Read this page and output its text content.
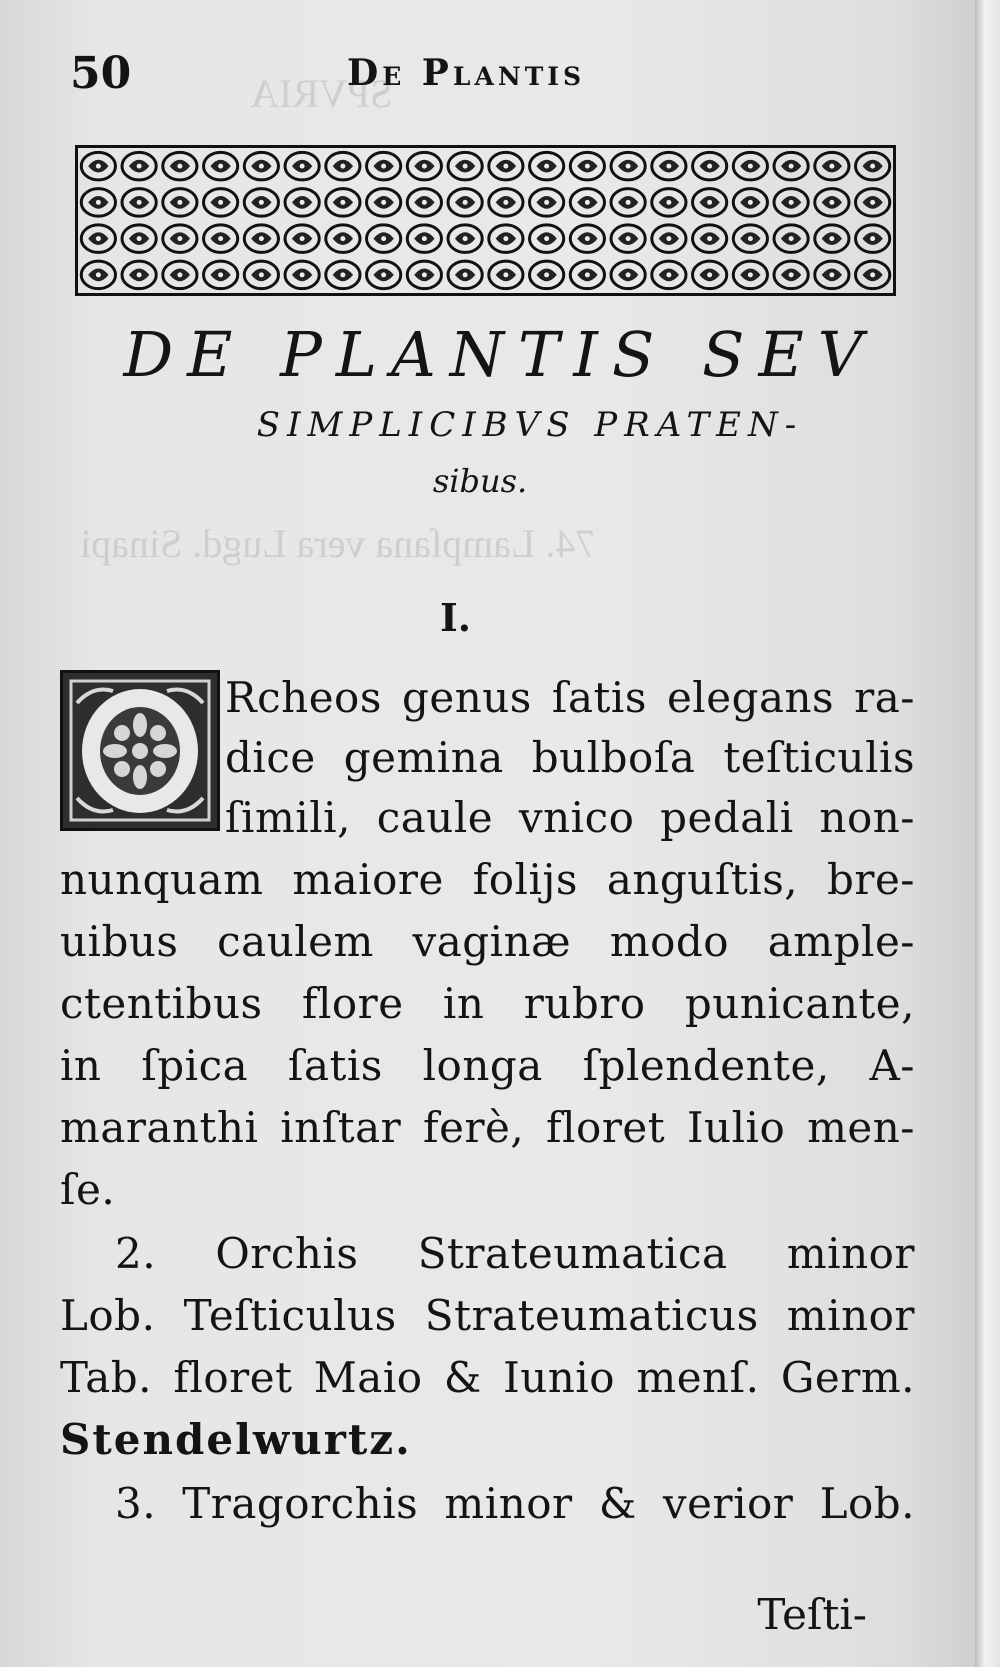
SPVRIA
74. Lampſana vera Lugd. Sinapi
50	De Plantis
DE PLANTIS SEV
SIMPLICIBVS PRATEN-
sibus.
I.
O	Rcheos genus ſatis elegans ra-
dice gemina bulboſa teſticulis
ſimili, caule vnico pedali non-
nunquam maiore folijs anguſtis, bre-
uibus caulem vaginæ modo ample-
ctentibus flore in rubro punicante,
in ſpica ſatis longa ſplendente, A-
maranthi inſtar ferè, floret Iulio men-
ſe.
2. Orchis Strateumatica minor
Lob. Teſticulus Strateumaticus minor
Tab. floret Maio & Iunio menſ. Germ.
Stendelwurtz.
3. Tragorchis minor & verior Lob.
Teſti-
